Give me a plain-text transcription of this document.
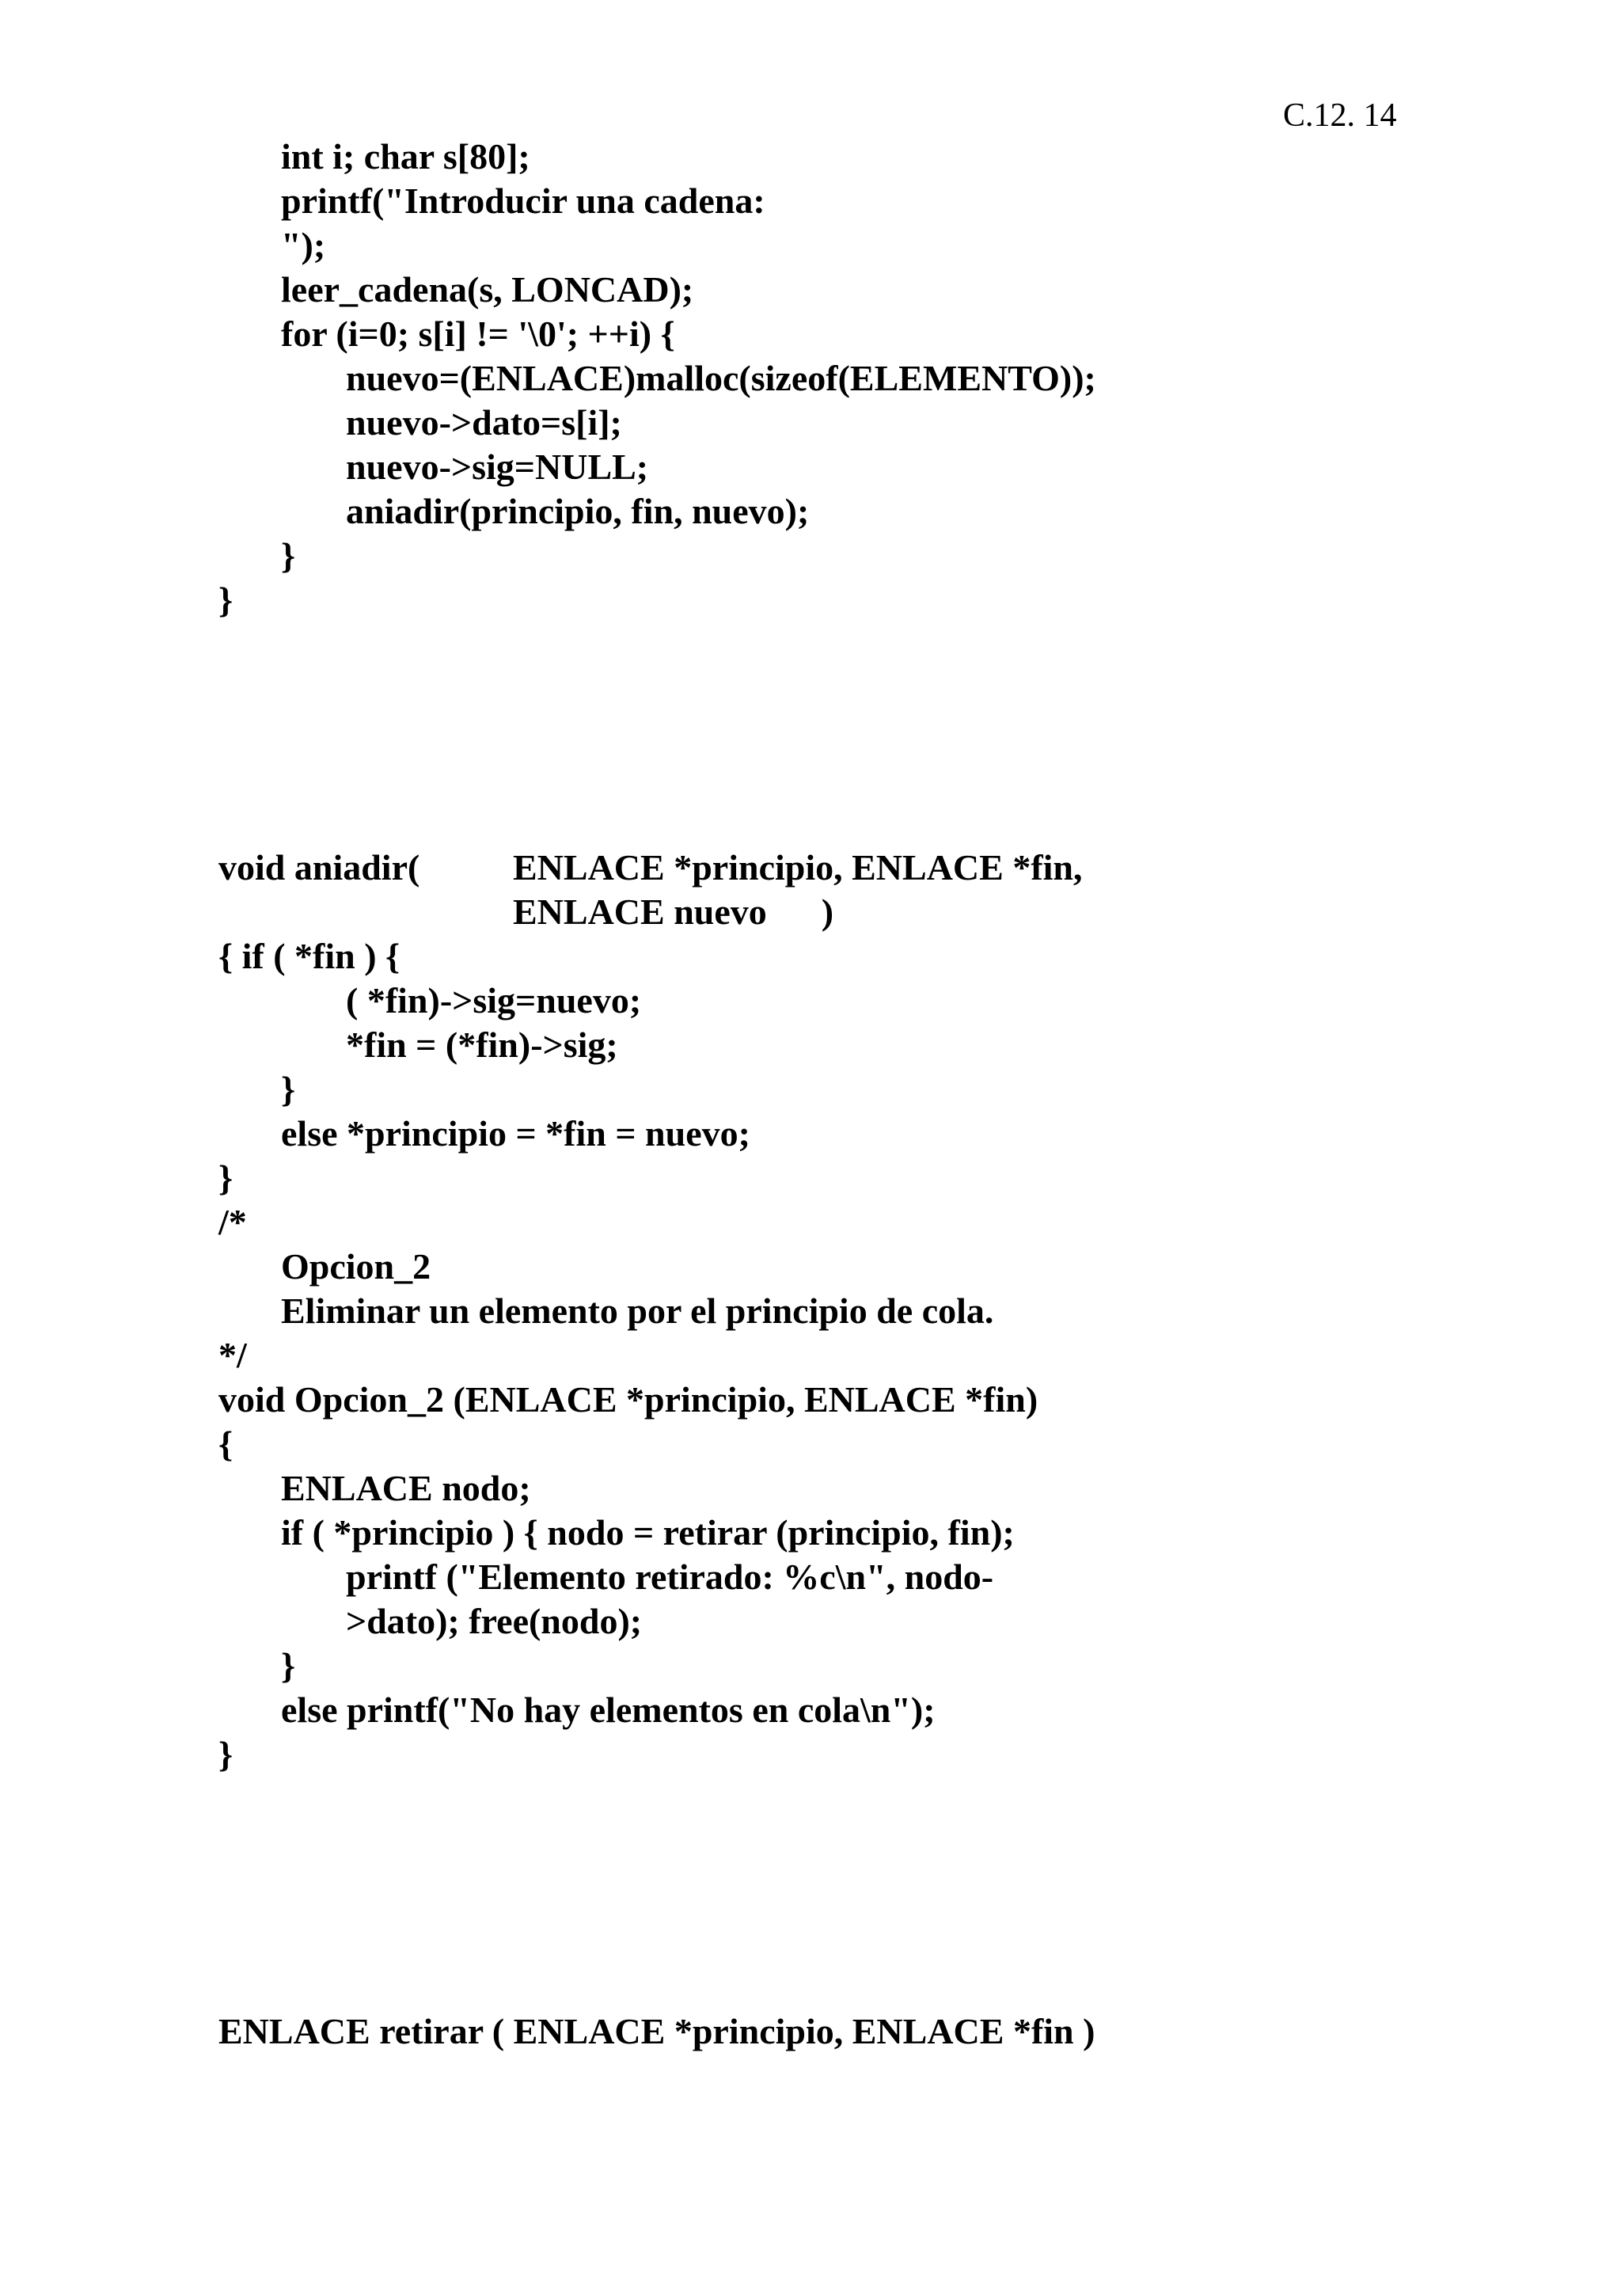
C.12. 14
int i; char s[80];
printf("Introducir una cadena:
");
leer_cadena(s, LONCAD);
for (i=0; s[i] != '\0'; ++i) {
nuevo=(ENLACE)malloc(sizeof(ELEMENTO));
nuevo->dato=s[i];
nuevo->sig=NULL;
aniadir(principio, fin, nuevo);
}
}
void aniadir(	ENLACE *principio, ENLACE *fin,
ENLACE nuevo      )
{ if ( *fin ) {
( *fin)->sig=nuevo;
*fin = (*fin)->sig;
}
else *principio = *fin = nuevo;
}
/*
Opcion_2
Eliminar un elemento por el principio de cola.
*/
void Opcion_2 (ENLACE *principio, ENLACE *fin)
{
ENLACE nodo;
if ( *principio ) { nodo = retirar (principio, fin);
printf ("Elemento retirado: %c\n", nodo-
>dato); free(nodo);
}
else printf("No hay elementos en cola\n");
}
ENLACE retirar ( ENLACE *principio, ENLACE *fin )
